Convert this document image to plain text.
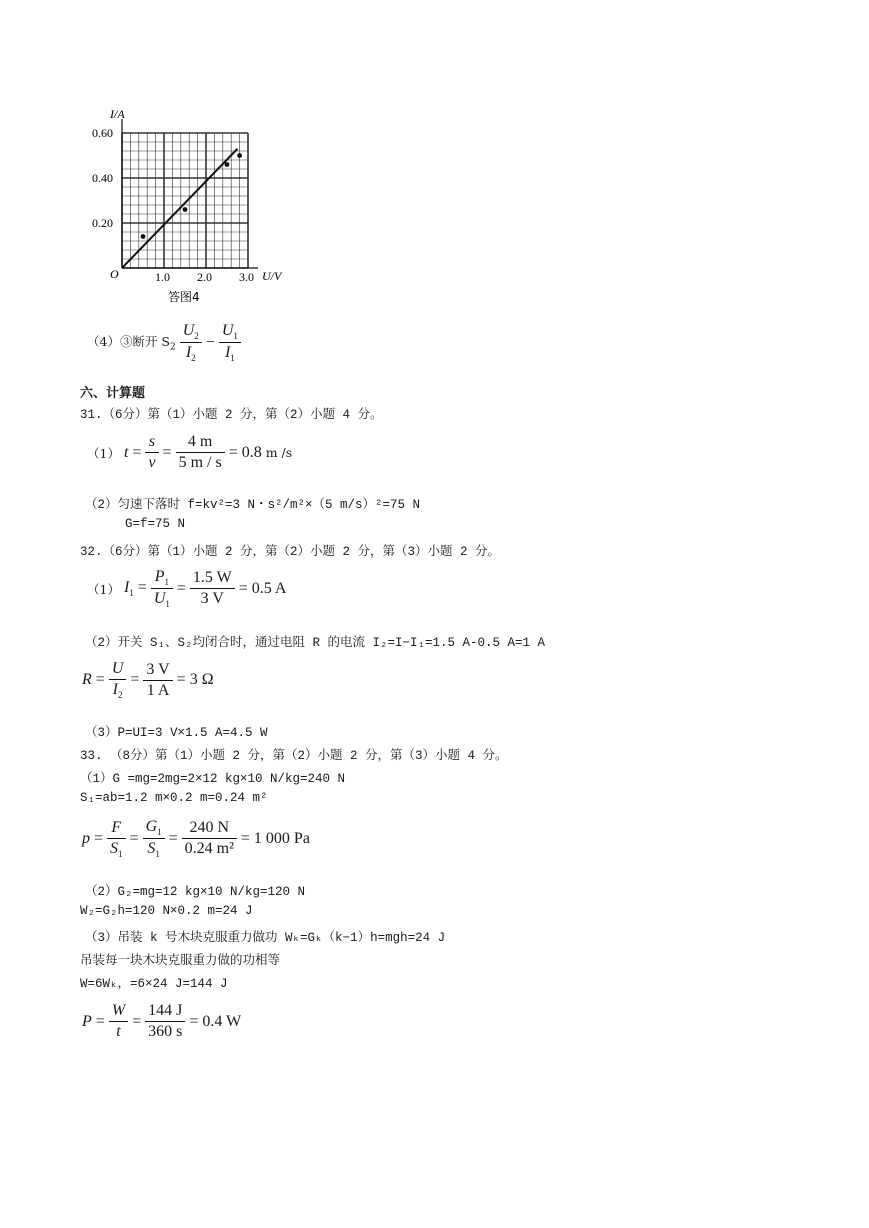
1.0 2.0 3.0
0.20
0.40
0.60
I/A
U/V
O
答图4
（4）③断开 $S_2 \frac{U_2}{I_2} - \frac{U_1}{I_1}$
六、计算题
31.（6分）第（1）小题 2 分，第（2）小题 4 分。
（1） $t = \frac{s}{v} = \frac{4 m}{5 m / s} = 0.8$ m /s
（2）匀速下落时 f=kv²=3 N・s²/m²×（5 m/s）²=75 N
G=f=75 N
32.（6分）第（1）小题 2 分，第（2）小题 2 分，第（3）小题 2 分。
（1） $I_1 = \frac{P_1}{U_1} = \frac{1.5 W}{3 V} = 0.5$ A
（2）开关 S₁、S₂均闭合时，通过电阻 R 的电流 I₂=I−I₁=1.5 A-0.5 A=1 A
$R = \frac{U}{I_2} = \frac{3 V}{1 A} = 3$ Ω
（3）P=UI=3 V×1.5 A=4.5 W
33. （8分）第（1）小题 2 分，第（2）小题 2 分，第（3）小题 4 分。
（1）G =mg=2mg=2×12 kg×10 N/kg=240 N
S₁=ab=1.2 m×0.2 m=0.24 m²
$p = \frac{F}{S_1} = \frac{G_1}{S_1} = \frac{240 N}{\text{0.24 m²}} = 1$ 000 Pa
（2）G₂=mg=12 kg×10 N/kg=120 N
W₂=G₂h=120 N×0.2 m=24 J
（3）吊装 k 号木块克服重力做功 Wₖ=Gₖ（k−1）h=mgh=24 J
吊装每一块木块克服重力做的功相等
W=6Wₖ，=6×24 J=144 J
$P = \frac{W}{t} = \frac{144 J}{360 s} = 0.4$ W
